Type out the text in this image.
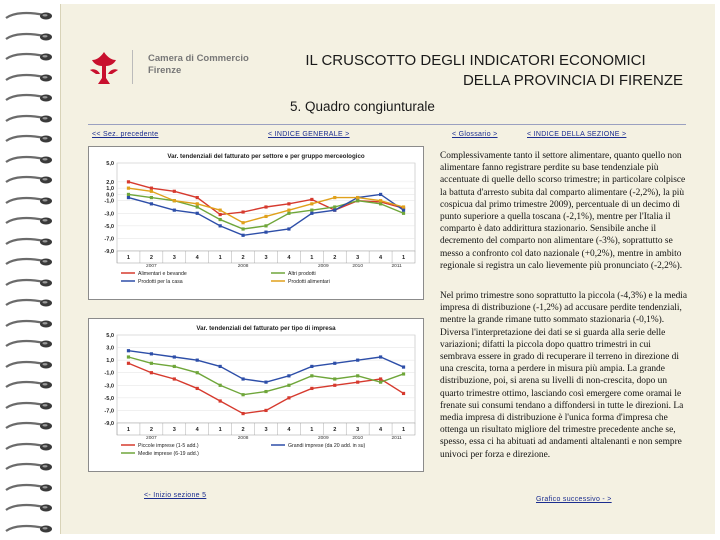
Camera di Commercio
Firenze
IL CRUSCOTTO DEGLI INDICATORI ECONOMICI
DELLA PROVINCIA DI FIRENZE
5. Quadro congiunturale
<< Sez. precedente	< INDICE GENERALE >	< Glossario >	< INDICE DELLA SEZIONE >
Var. tendenziali del fatturato per settore e per gruppo merceologico
5,0
2,0
1,0
0,0
-1,0
-3,0
-5,0
-7,0
-9,0
1	2	3	4	1	2	3	4	1	2	3	4	1
2007	2008	2009	2010	2011
Alimentari e bevande	Altri prodotti
Prodotti per la casa	Prodotti alimentari
Var. tendenziali del fatturato per tipo di impresa
5,0
3,0
1,0
-1,0
-3,0
-5,0
-7,0
-9,0
1	2	3	4	1	2	3	4	1	2	3	4	1
2007	2008	2009	2010	2011
Piccole imprese (1-5 add.)	Grandi imprese (da 20 add. in su)
Medie imprese (6-19 add.)
Complessivamente tanto il settore alimentare, quanto quello non alimentare fanno registrare perdite su base tendenziale più accentuate di quelle dello scorso trimestre; in particolare colpisce la battuta d'arresto subita dal comparto alimentare (-2,2%), la più cospicua dal primo trimestre 2009), percentuale di un decimo di punto superiore a quella toscana (-2,1%), mentre per l'Italia il comparto è dato addirittura stazionario. Sensibile anche il decremento del comparto non alimentare (-3%), soprattutto se messo a confronto col dato nazionale (+0,2%), mentre in ambito regionale si registra un calo lievemente più pronunciato (-2,2%).
Nel primo trimestre sono soprattutto la piccola (-4,3%) e la media impresa di distribuzione (-1,2%) ad accusare perdite tendenziali, mentre la grande rimane tutto sommato stazionaria (-0,1%). Diversa l'interpretazione dei dati se si guarda alla serie delle variazioni; difatti la piccola dopo quattro trimestri in cui sembrava essere in grado di recuperare il terreno in direzione di una crescita, torna a perdere in misura più ampia. La grande distribuzione, poi, si arena su livelli di non-crescita, dopo un quarto trimestre ottimo, lasciando così emergere come oramai le frenate sui consumi tendano a diffondersi in tutte le direzioni. La media impresa di distribuzione è l'unica forma d'impresa che ottenga un risultato migliore del trimestre precedente anche se, spesso, essa ci ha abituati ad andamenti altalenanti e non sempre univoci per forza e direzione.
<- Inizio sezione 5
Grafico successivo - >
